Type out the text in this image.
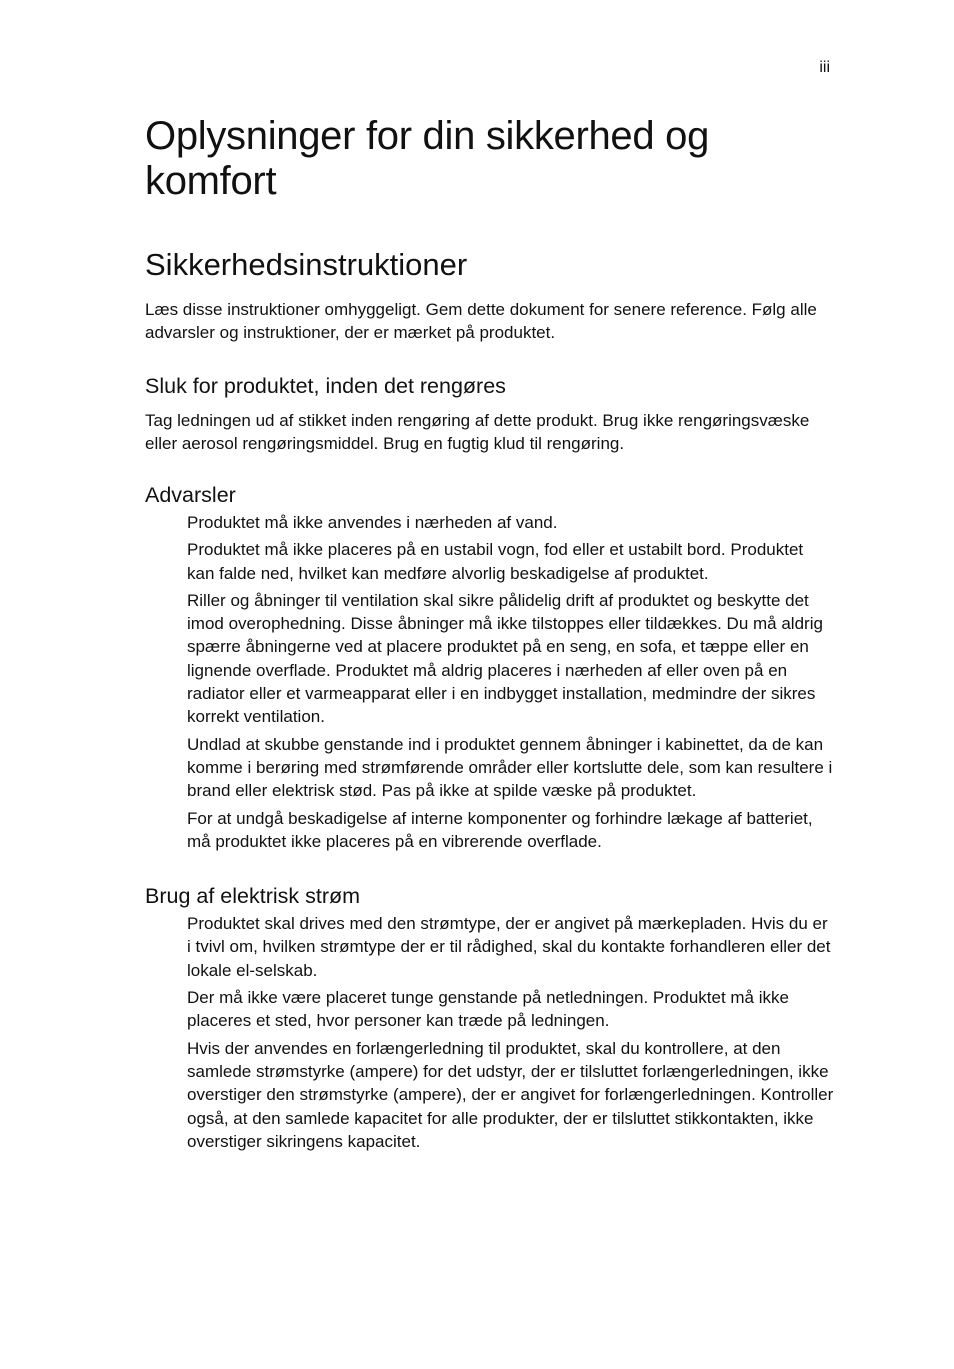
iii
Oplysninger for din sikkerhed og komfort
Sikkerhedsinstruktioner

Læs disse instruktioner omhyggeligt. Gem dette dokument for senere reference. Følg alle advarsler og instruktioner, der er mærket på produktet.

Sluk for produktet, inden det rengøres

Tag ledningen ud af stikket inden rengøring af dette produkt. Brug ikke rengøringsvæske eller aerosol rengøringsmiddel. Brug en fugtig klud til rengøring.

Advarsler
Produktet må ikke anvendes i nærheden af vand.
Produktet må ikke placeres på en ustabil vogn, fod eller et ustabilt bord. Produktet kan falde ned, hvilket kan medføre alvorlig beskadigelse af produktet.
Riller og åbninger til ventilation skal sikre pålidelig drift af produktet og beskytte det imod overophedning. Disse åbninger må ikke tilstoppes eller tildækkes. Du må aldrig spærre åbningerne ved at placere produktet på en seng, en sofa, et tæppe eller en lignende overflade. Produktet må aldrig placeres i nærheden af eller oven på en radiator eller et varmeapparat eller i en indbygget installation, medmindre der sikres korrekt ventilation.
Undlad at skubbe genstande ind i produktet gennem åbninger i kabinettet, da de kan komme i berøring med strømførende områder eller kortslutte dele, som kan resultere i brand eller elektrisk stød. Pas på ikke at spilde væske på produktet.
For at undgå beskadigelse af interne komponenter og forhindre lækage af batteriet, må produktet ikke placeres på en vibrerende overflade.
Brug af elektrisk strøm
Produktet skal drives med den strømtype, der er angivet på mærkepladen. Hvis du er i tvivl om, hvilken strømtype der er til rådighed, skal du kontakte forhandleren eller det lokale el-selskab.
Der må ikke være placeret tunge genstande på netledningen. Produktet må ikke placeres et sted, hvor personer kan træde på ledningen.
Hvis der anvendes en forlængerledning til produktet, skal du kontrollere, at den samlede strømstyrke (ampere) for det udstyr, der er tilsluttet forlængerledningen, ikke overstiger den strømstyrke (ampere), der er angivet for forlængerledningen. Kontroller også, at den samlede kapacitet for alle produkter, der er tilsluttet stikkontakten, ikke overstiger sikringens kapacitet.
